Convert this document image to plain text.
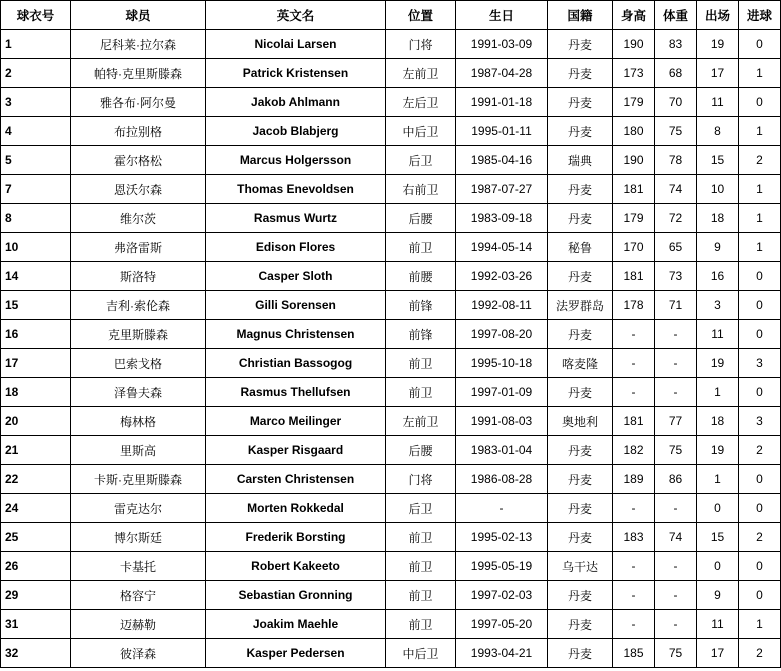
球衣号	球员	英文名	位置	生日	国籍	身高	体重	出场	进球
1	尼科莱·拉尔森	Nicolai Larsen	门将	1991-03-09	丹麦	190	83	19	0
2	帕特·克里斯滕森	Patrick Kristensen	左前卫	1987-04-28	丹麦	173	68	17	1
3	雅各布·阿尔曼	Jakob Ahlmann	左后卫	1991-01-18	丹麦	179	70	11	0
4	布拉别格	Jacob Blabjerg	中后卫	1995-01-11	丹麦	180	75	8	1
5	霍尔格松	Marcus Holgersson	后卫	1985-04-16	瑞典	190	78	15	2
7	恩沃尔森	Thomas Enevoldsen	右前卫	1987-07-27	丹麦	181	74	10	1
8	维尔茨	Rasmus Wurtz	后腰	1983-09-18	丹麦	179	72	18	1
10	弗洛雷斯	Edison Flores	前卫	1994-05-14	秘鲁	170	65	9	1
14	斯洛特	Casper Sloth	前腰	1992-03-26	丹麦	181	73	16	0
15	吉利·索伦森	Gilli Sorensen	前锋	1992-08-11	法罗群岛	178	71	3	0
16	克里斯滕森	Magnus Christensen	前锋	1997-08-20	丹麦	-	-	11	0
17	巴索戈格	Christian Bassogog	前卫	1995-10-18	喀麦隆	-	-	19	3
18	泽鲁夫森	Rasmus Thellufsen	前卫	1997-01-09	丹麦	-	-	1	0
20	梅林格	Marco Meilinger	左前卫	1991-08-03	奥地利	181	77	18	3
21	里斯高	Kasper Risgaard	后腰	1983-01-04	丹麦	182	75	19	2
22	卡斯·克里斯滕森	Carsten Christensen	门将	1986-08-28	丹麦	189	86	1	0
24	雷克达尔	Morten Rokkedal	后卫	-	丹麦	-	-	0	0
25	博尔斯廷	Frederik Borsting	前卫	1995-02-13	丹麦	183	74	15	2
26	卡基托	Robert Kakeeto	前卫	1995-05-19	乌干达	-	-	0	0
29	格容宁	Sebastian Gronning	前卫	1997-02-03	丹麦	-	-	9	0
31	迈赫勒	Joakim Maehle	前卫	1997-05-20	丹麦	-	-	11	1
32	彼泽森	Kasper Pedersen	中后卫	1993-04-21	丹麦	185	75	17	2
